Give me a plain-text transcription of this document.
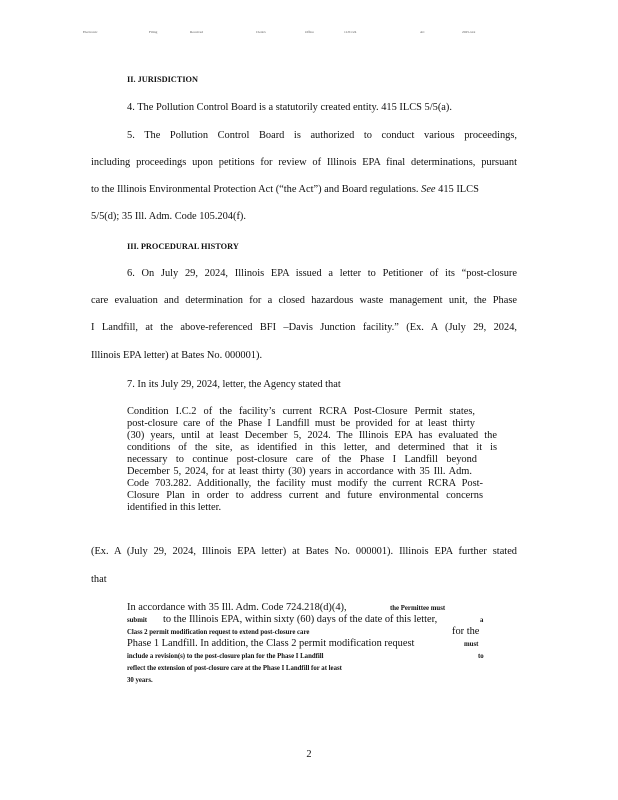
Electronic	Filing	Received	Clerk's	Office	11/01/24	AC	2025-xxx
II. JURISDICTION
4. The Pollution Control Board is a statutorily created entity. 415 ILCS 5/5(a).
5. The Pollution Control Board is authorized to conduct various proceedings,
including proceedings upon petitions for review of Illinois EPA final determinations, pursuant
to the Illinois Environmental Protection Act (“the Act”) and Board regulations. See 415 ILCS
5/5(d); 35 Ill. Adm. Code 105.204(f).
III. PROCEDURAL HISTORY
6. On July 29, 2024, Illinois EPA issued a letter to Petitioner of its “post-closure
care evaluation and determination for a closed hazardous waste management unit, the Phase
I Landfill, at the above-referenced BFI –Davis Junction facility.” (Ex. A (July 29, 2024,
Illinois EPA letter) at Bates No. 000001).
7. In its July 29, 2024, letter, the Agency stated that
Condition I.C.2 of the facility’s current RCRA Post-Closure Permit states,
post-closure care of the Phase I Landfill must be provided for at least thirty
(30) years, until at least December 5, 2024. The Illinois EPA has evaluated the
conditions of the site, as identified in this letter, and determined that it is
necessary to continue post-closure care of the Phase I Landfill beyond
December 5, 2024, for at least thirty (30) years in accordance with 35 Ill. Adm.
Code 703.282. Additionally, the facility must modify the current RCRA Post-
Closure Plan in order to address current and future environmental concerns
identified in this letter.
(Ex. A (July 29, 2024, Illinois EPA letter) at Bates No. 000001). Illinois EPA further stated
that
In accordance with 35 Ill. Adm. Code 724.218(d)(4),	the Permittee must
submit to the Illinois EPA, within sixty (60) days of the date of this letter,	a
Class 2 permit modification request to extend post-closure care	for the
Phase 1 Landfill. In addition, the Class 2 permit modification request	must
include a revision(s) to the post-closure plan for the Phase I Landfill	to
reflect the extension of post-closure care at the Phase I Landfill for at least
30 years.
2
